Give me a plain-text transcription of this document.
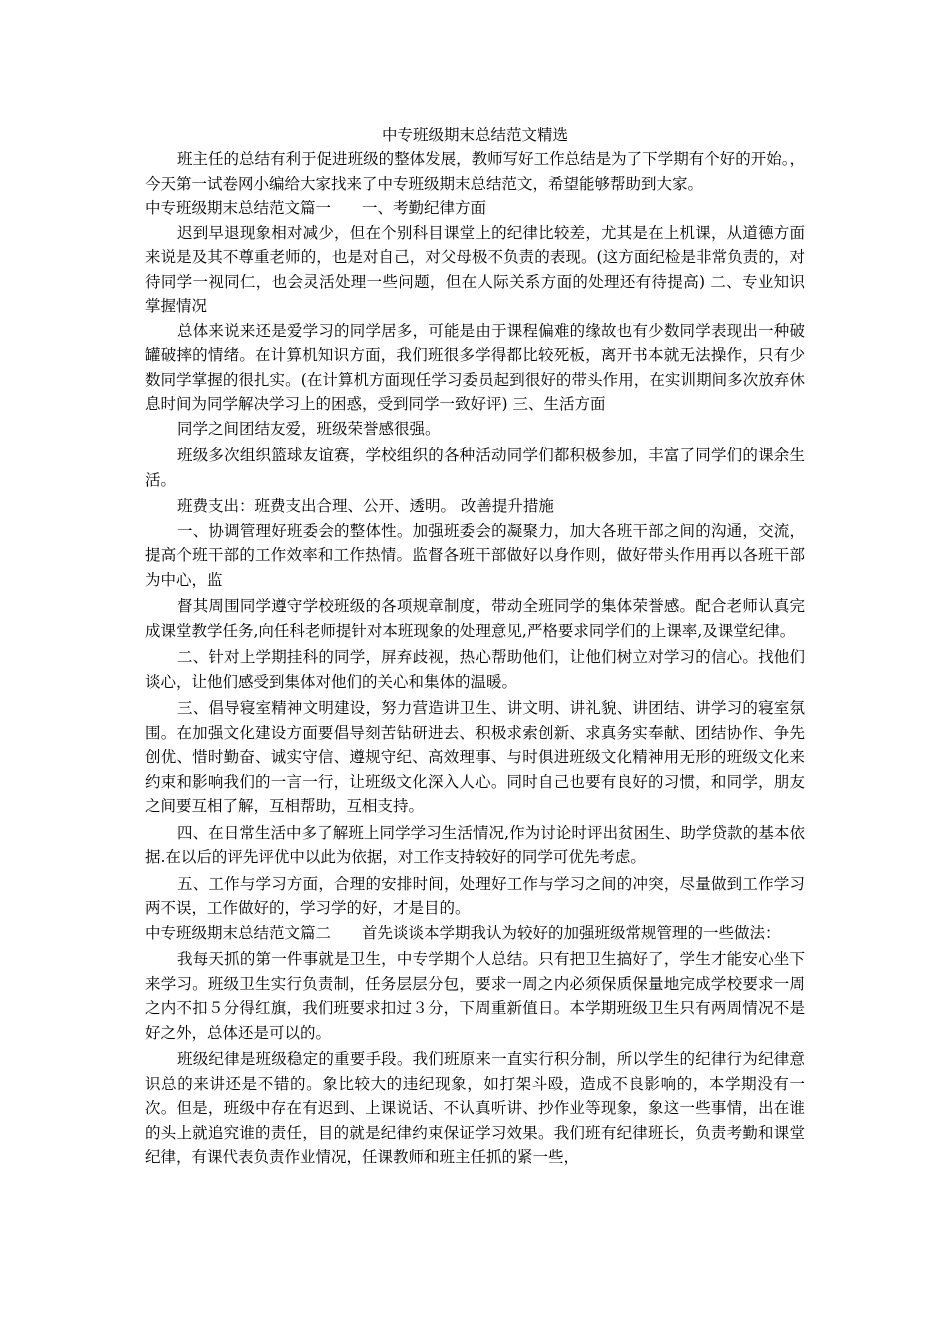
中专班级期末总结范文精选

班主任的总结有利于促进班级的整体发展，教师写好工作总结是为了下学期有个好的开始。，今天第一试卷网小编给大家找来了中专班级期末总结范文，希望能够帮助到大家。

中专班级期末总结范文篇一　　一、考勤纪律方面

迟到早退现象相对减少，但在个别科目课堂上的纪律比较差，尤其是在上机课，从道德方面来说是及其不尊重老师的，也是对自己，对父母极不负责的表现。(这方面纪检是非常负责的，对待同学一视同仁，也会灵活处理一些问题，但在人际关系方面的处理还有待提高) 二、专业知识掌握情况

总体来说来还是爱学习的同学居多，可能是由于课程偏难的缘故也有少数同学表现出一种破罐破摔的情绪。在计算机知识方面，我们班很多学得都比较死板，离开书本就无法操作，只有少数同学掌握的很扎实。(在计算机方面现任学习委员起到很好的带头作用，在实训期间多次放弃休息时间为同学解决学习上的困惑，受到同学一致好评) 三、生活方面

同学之间团结友爱，班级荣誉感很强。

班级多次组织篮球友谊赛，学校组织的各种活动同学们都积极参加，丰富了同学们的课余生活。

班费支出：班费支出合理、公开、透明。 改善提升措施

一、协调管理好班委会的整体性。加强班委会的凝聚力，加大各班干部之间的沟通，交流，提高个班干部的工作效率和工作热情。监督各班干部做好以身作则，做好带头作用再以各班干部为中心，监

督其周围同学遵守学校班级的各项规章制度，带动全班同学的集体荣誉感。配合老师认真完成课堂教学任务,向任科老师提针对本班现象的处理意见,严格要求同学们的上课率,及课堂纪律。

二、针对上学期挂科的同学，屏弃歧视，热心帮助他们，让他们树立对学习的信心。找他们谈心，让他们感受到集体对他们的关心和集体的温暖。

三、倡导寝室精神文明建设，努力营造讲卫生、讲文明、讲礼貌、讲团结、讲学习的寝室氛围。在加强文化建设方面要倡导刻苦钻研进去、积极求索创新、求真务实奉献、团结协作、争先创优、惜时勤奋、诚实守信、遵规守纪、高效理事、与时俱进班级文化精神用无形的班级文化来约束和影响我们的一言一行，让班级文化深入人心。同时自己也要有良好的习惯，和同学，朋友之间要互相了解，互相帮助，互相支持。

四、在日常生活中多了解班上同学学习生活情况,作为讨论时评出贫困生、助学贷款的基本依据.在以后的评先评优中以此为依据，对工作支持较好的同学可优先考虑。

五、工作与学习方面，合理的安排时间，处理好工作与学习之间的冲突，尽量做到工作学习两不误，工作做好的，学习学的好，才是目的。

中专班级期末总结范文篇二　　首先谈谈本学期我认为较好的加强班级常规管理的一些做法：

我每天抓的第一件事就是卫生，中专学期个人总结。只有把卫生搞好了，学生才能安心坐下来学习。班级卫生实行负责制，任务层层分包，要求一周之内必须保质保量地完成学校要求一周之内不扣５分得红旗，我们班要求扣过３分，下周重新值日。本学期班级卫生只有两周情况不是好之外，总体还是可以的。

班级纪律是班级稳定的重要手段。我们班原来一直实行积分制，所以学生的纪律行为纪律意识总的来讲还是不错的。象比较大的违纪现象，如打架斗殴，造成不良影响的，本学期没有一次。但是，班级中存在有迟到、上课说话、不认真听讲、抄作业等现象，象这一些事情，出在谁的头上就追究谁的责任，目的就是纪律约束保证学习效果。我们班有纪律班长，负责考勤和课堂纪律，有课代表负责作业情况，任课教师和班主任抓的紧一些，
